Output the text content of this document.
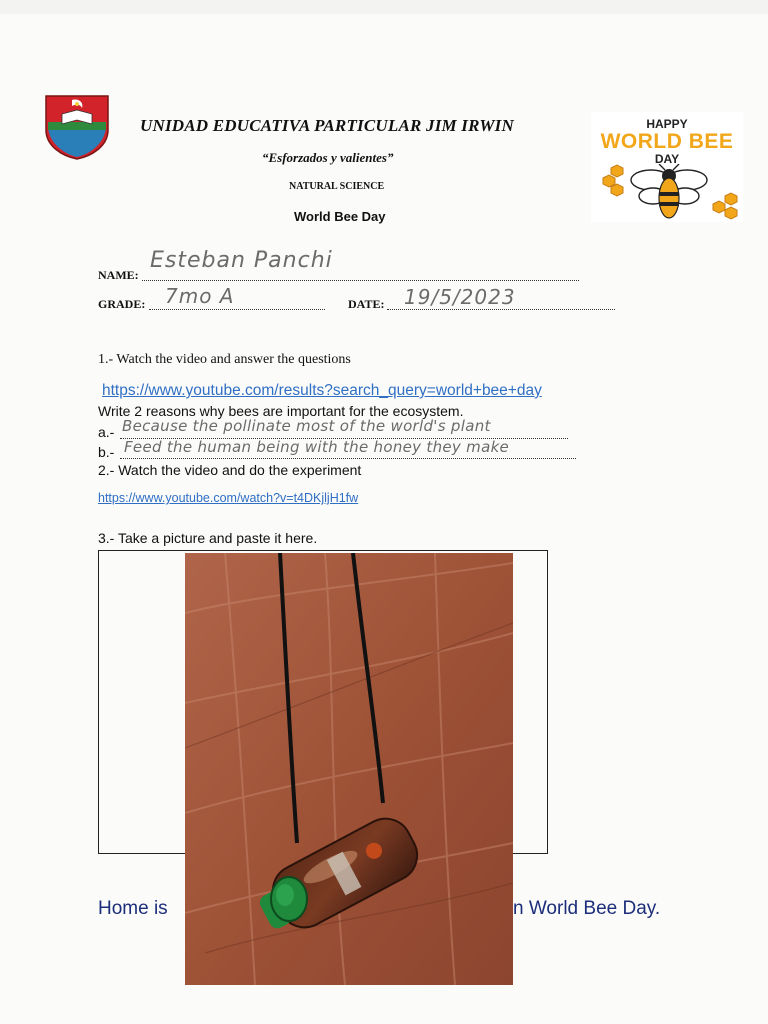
UNIDAD EDUCATIVA PARTICULAR JIM IRWIN
“Esforzados y valientes”
NATURAL SCIENCE
World Bee Day
HAPPY
WORLD BEE
DAY
NAME:
Esteban Panchi
GRADE: 7mo A	DATE: 19/5/2023
1.- Watch the video and answer the questions
https://www.youtube.com/results?search_query=world+bee+day
Write 2 reasons why bees are important for the ecosystem.
a.- Because the pollinate most of the world's plant
b.- Feed the human being with the honey they make
2.- Watch the video and do the experiment
https://www.youtube.com/watch?v=t4DKjljH1fw
3.- Take a picture and paste it here.
Home is	n World Bee Day.
